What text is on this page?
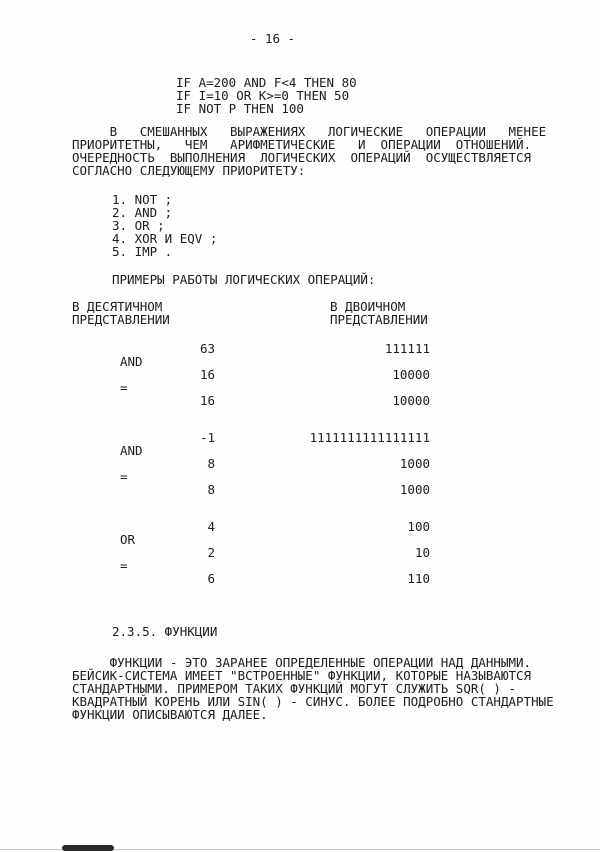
- 16 -
IF A=200 AND F<4 THEN 80
IF I=10 OR K>=0 THEN 50
IF NOT P THEN 100
В   СМЕШАННЫХ   ВЫРАЖЕНИЯХ   ЛОГИЧЕСКИЕ   ОПЕРАЦИИ   МЕНЕЕ
ПРИОРИТЕТНЫ,   ЧЕМ   АРИФМЕТИЧЕСКИЕ   И  ОПЕРАЦИИ  ОТНОШЕНИЙ.
ОЧЕРЕДНОСТЬ  ВЫПОЛНЕНИЯ  ЛОГИЧЕСКИХ  ОПЕРАЦИЙ  ОСУЩЕСТВЛЯЕТСЯ
СОГЛАСНО СЛЕДУЮЩЕМУ ПРИОРИТЕТУ:
1. NOT ;
2. AND ;
3. OR ;
4. XOR И EQV ;
5. IMP .
ПРИМЕРЫ РАБОТЫ ЛОГИЧЕСКИХ ОПЕРАЦИЙ:
В ДЕСЯТИЧНОМ
ПРЕДСТАВЛЕНИИ
В ДВОИЧНОМ
ПРЕДСТАВЛЕНИИ
63	111111
AND
16	10000
=
16	10000
-1	1111111111111111
AND
8	1000
=
8	1000
4	100
OR
2	10
=
6	110
2.3.5. ФУНКЦИИ
ФУНКЦИИ - ЭТО ЗАРАНЕЕ ОПРЕДЕЛЕННЫЕ ОПЕРАЦИИ НАД ДАННЫМИ.
БЕЙСИК-СИСТЕМА ИМЕЕТ "ВСТРОЕННЫЕ" ФУНКЦИИ, КОТОРЫЕ НАЗЫВАЮТСЯ
СТАНДАРТНЫМИ. ПРИМЕРОМ ТАКИХ ФУНКЦИЙ МОГУТ СЛУЖИТЬ SQR( ) -
КВАДРАТНЫЙ КОРЕНЬ ИЛИ SIN( ) - СИНУС. БОЛЕЕ ПОДРОБНО СТАНДАРТНЫЕ
ФУНКЦИИ ОПИСЫВАЮТСЯ ДАЛЕЕ.
